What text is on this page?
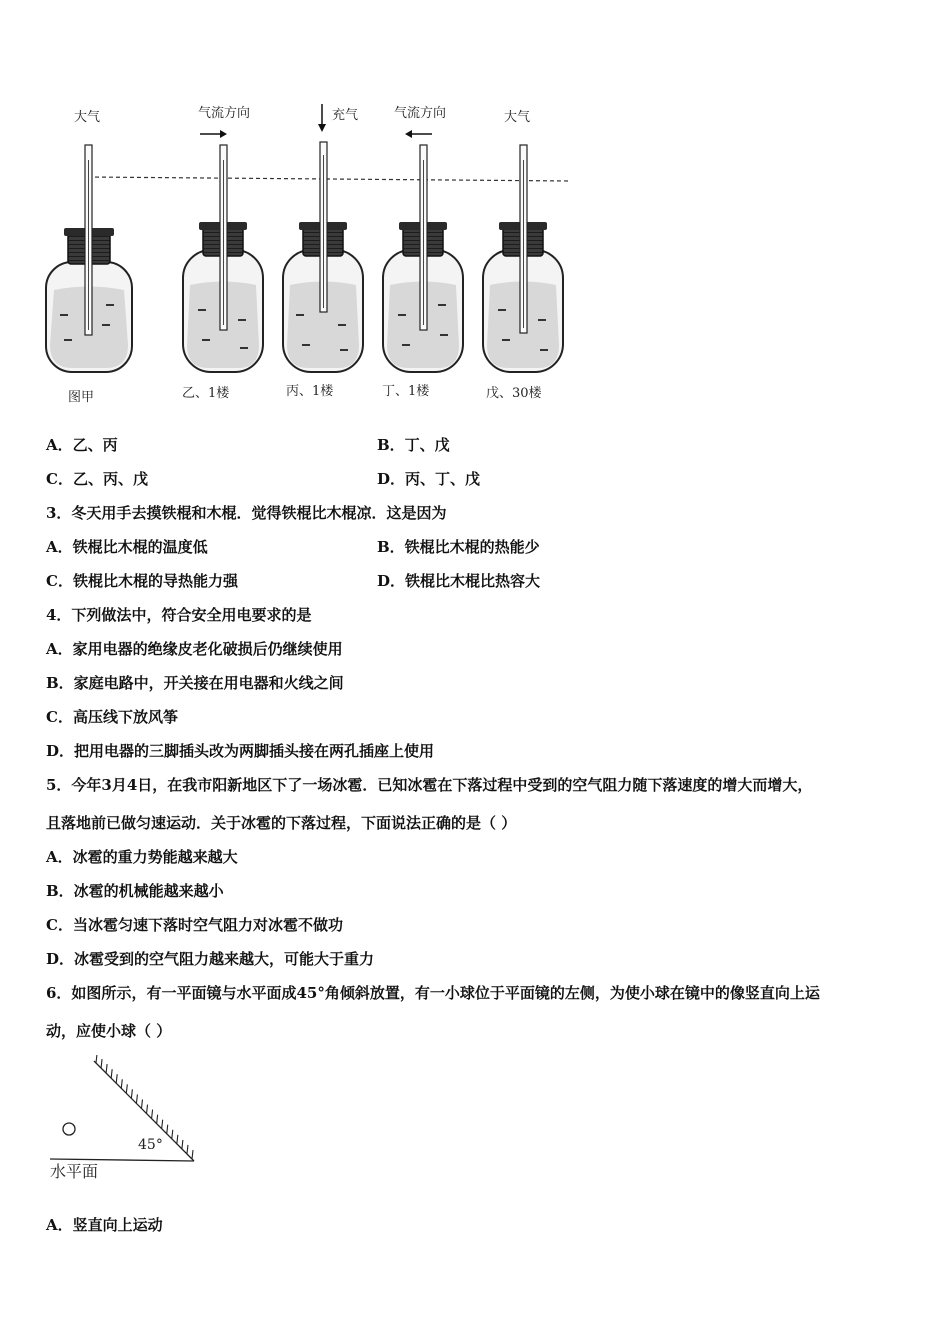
大气	气流方向	充气	气流方向	大气
图甲	乙、1楼	丙、1楼	丁、1楼	戊、30楼
A．乙、丙	B．丁、戊
C．乙、丙、戊	D．丙、丁、戊
3．冬天用手去摸铁棍和木棍．觉得铁棍比木棍凉．这是因为
A．铁棍比木棍的温度低	B．铁棍比木棍的热能少
C．铁棍比木棍的导热能力强	D．铁棍比木棍比热容大
4．下列做法中，符合安全用电要求的是
A．家用电器的绝缘皮老化破损后仍继续使用
B．家庭电路中，开关接在用电器和火线之间
C．高压线下放风筝
D．把用电器的三脚插头改为两脚插头接在两孔插座上使用
5．今年3月4日，在我市阳新地区下了一场冰雹．已知冰雹在下落过程中受到的空气阻力随下落速度的增大而增大，
且落地前已做匀速运动．关于冰雹的下落过程，下面说法正确的是（ ）
A．冰雹的重力势能越来越大
B．冰雹的机械能越来越小
C．当冰雹匀速下落时空气阻力对冰雹不做功
D．冰雹受到的空气阻力越来越大，可能大于重力
6．如图所示，有一平面镜与水平面成45°角倾斜放置，有一小球位于平面镜的左侧，为使小球在镜中的像竖直向上运
动，应使小球（ ）
45°
水平面
A．竖直向上运动
